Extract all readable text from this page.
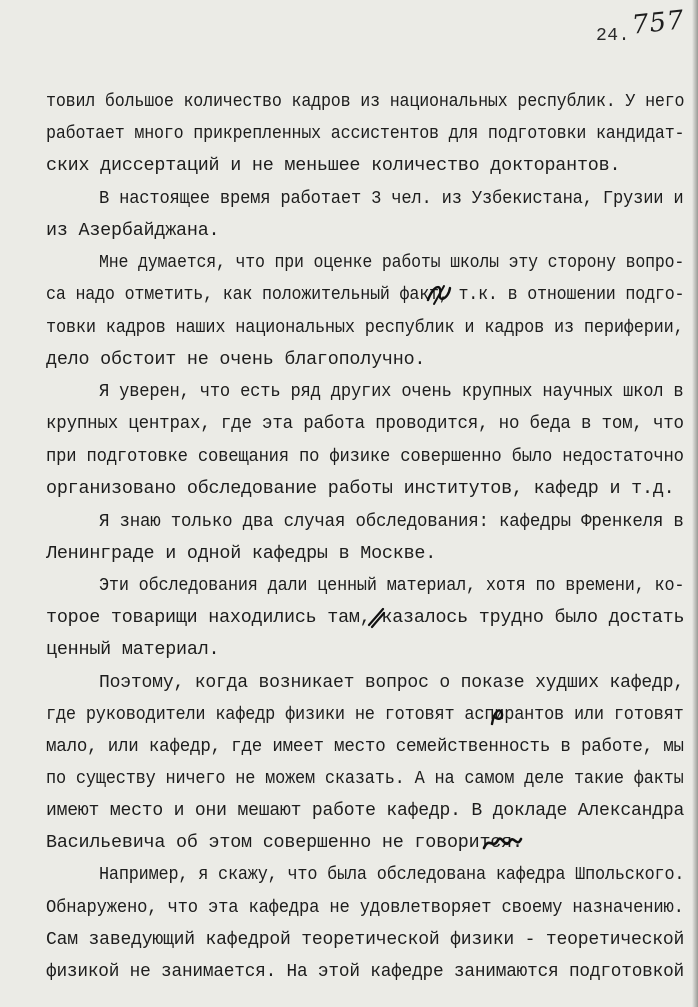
24. 757
товил большое количество кадров из национальных республик. У него
работает много прикрепленных ассистентов для подготовки кандидат-
ских диссертаций и не меньшее количество докторантов.
В настоящее время работает 3 чел. из Узбекистана, Грузии и
из Азербайджана.
Мне думается, что при оценке работы школы эту сторону вопро-
са надо отметить, как положительный факт, т.к. в отношении подго-
товки кадров наших национальных республик и кадров из периферии,
дело обстоит не очень благополучно.
Я уверен, что есть ряд других очень крупных научных школ в
крупных центрах, где эта работа проводится, но беда в том, что
при подготовке совещания по физике совершенно было недостаточно
организовано обследование работы институтов, кафедр и т.д.
Я знаю только два случая обследования: кафедры Френкеля в
Ленинграде и одной кафедры в Москве.
Эти обследования дали ценный материал, хотя по времени, ко-
торое товарищи находились там, казалось трудно было достать
ценный материал.
Поэтому, когда возникает вопрос о показе худших кафедр,
где руководители кафедр физики не готовят аспирантов или готовят
мало, или кафедр, где имеет место семейственность в работе, мы
по существу ничего не можем сказать. А на самом деле такие факты
имеют место и они мешают работе кафедр. В докладе Александра
Васильевича об этом совершенно не говорится.
Например, я скажу, что была обследована кафедра Шпольского.
Обнаружено, что эта кафедра не удовлетворяет своему назначению.
Сам заведующий кафедрой теоретической физики - теоретической
физикой не занимается. На этой кафедре занимаются подготовкой
